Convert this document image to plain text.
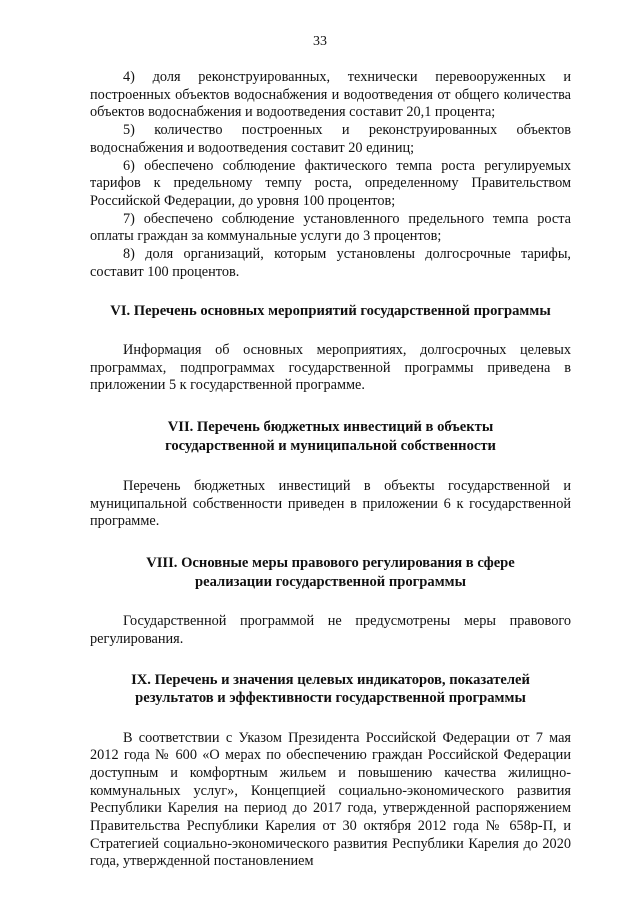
33

4) доля реконструированных, технически перевооруженных и построенных объектов водоснабжения и водоотведения от общего количества объектов водоснабжения и водоотведения составит 20,1 процента;

5) количество построенных и реконструированных объектов водоснабжения и водоотведения составит 20 единиц;

6) обеспечено соблюдение фактического темпа роста регулируемых тарифов к предельному темпу роста, определенному Правительством Российской Федерации, до уровня 100 процентов;

7) обеспечено соблюдение установленного предельного темпа роста оплаты граждан за коммунальные услуги до 3 процентов;

8) доля организаций, которым установлены долгосрочные тарифы, составит 100 процентов.

VI. Перечень основных мероприятий государственной программы

Информация об основных мероприятиях, долгосрочных целевых программах, подпрограммах государственной программы приведена в приложении 5 к государственной программе.

VII. Перечень бюджетных инвестиций в объекты
государственной и муниципальной собственности

Перечень бюджетных инвестиций в объекты государственной и муниципальной собственности приведен в приложении 6 к государственной программе.

VIII. Основные меры правового регулирования в сфере
реализации государственной программы

Государственной программой не предусмотрены меры правового регулирования.

IX. Перечень и значения целевых индикаторов, показателей
результатов и эффективности государственной программы

В соответствии с Указом Президента Российской Федерации от 7 мая 2012 года № 600 «О мерах по обеспечению граждан Российской Федерации доступным и комфортным жильем и повышению качества жилищно-коммунальных услуг», Концепцией социально-экономического развития Республики Карелия на период до 2017 года, утвержденной распоряжением Правительства Республики Карелия от 30 октября 2012 года № 658р-П, и Стратегией социально-экономического развития Республики Карелия до 2020 года, утвержденной постановлением
